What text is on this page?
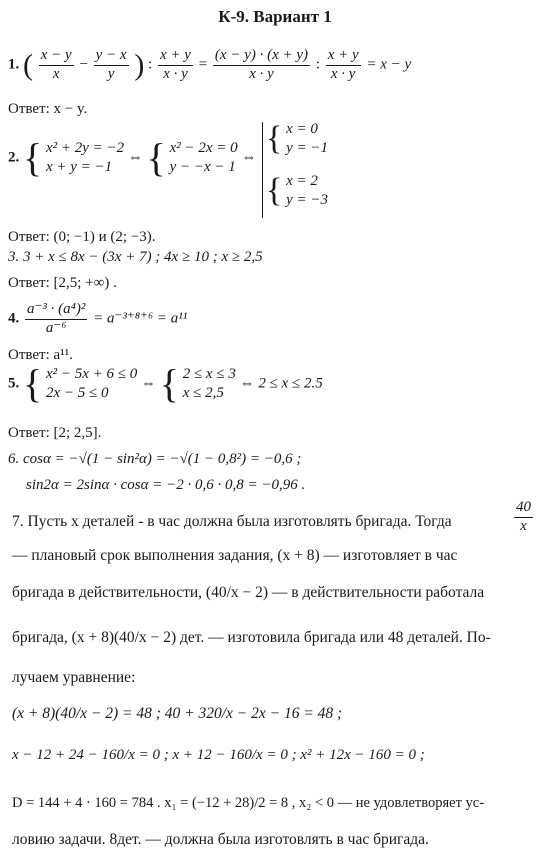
К-9. Вариант 1
1. ( $\frac{x - y}{x} - \frac{y - x}{y}$ ) : $\frac{x + y}{x \cdot y} = \frac{(x - y) \cdot (x + y)}{x \cdot y}$ : $\frac{x + y}{x \cdot y} = x - y$
Ответ: x − y.
2. { x² + 2y = −2
x + y = −1
⇔ { x² − 2x = 0
y − −x − 1
⇔
{ x = 0
y = −1
{ x = 2
y = −3
Ответ: (0; −1) и (2; −3).
3. 3 + x ≤ 8x − (3x + 7) ; 4x ≥ 10 ; x ≥ 2,5
Ответ: [2,5; +∞) .
4. $\frac{\text{a⁻³ · (a⁴)²}}{\text{a⁻⁶}} = a^{-3+8+6} = a^{11}$
Ответ: a¹¹.
5. { x² − 5x + 6 ≤ 0
2x − 5 ≤ 0
⇔ { 2 ≤ x ≤ 3
x ≤ 2,5
⇔ 2 ≤ x ≤ 2.5
Ответ: [2; 2,5].
6. cosα = −√(1 − sin²α) = −√(1 − 0,8²) = −0,6 ;
sin2α = 2sinα · cosα = −2 · 0,6 · 0,8 = −0,96 .
7. Пусть x деталей - в час должна была изготовлять бригада. Тогда	$\frac{40}{x}$
— плановый срок выполнения задания, (x + 8) — изготовляет в час
бригада в действительности, (40/x − 2) — в действительности работала
бригада, (x + 8)(40/x − 2) дет. — изготовила бригада или 48 деталей. По-
лучаем уравнение:
(x + 8)(40/x − 2) = 48 ; 40 + 320/x − 2x − 16 = 48 ;
x − 12 + 24 − 160/x = 0 ; x + 12 − 160/x = 0 ; x² + 12x − 160 = 0 ;
D = 144 + 4 · 160 = 784 . x₁ = (−12 + 28)/2 = 8 , x₂ < 0 — не удовлетворяет ус-
ловию задачи. 8дет. — должна была изготовлять в час бригада.
